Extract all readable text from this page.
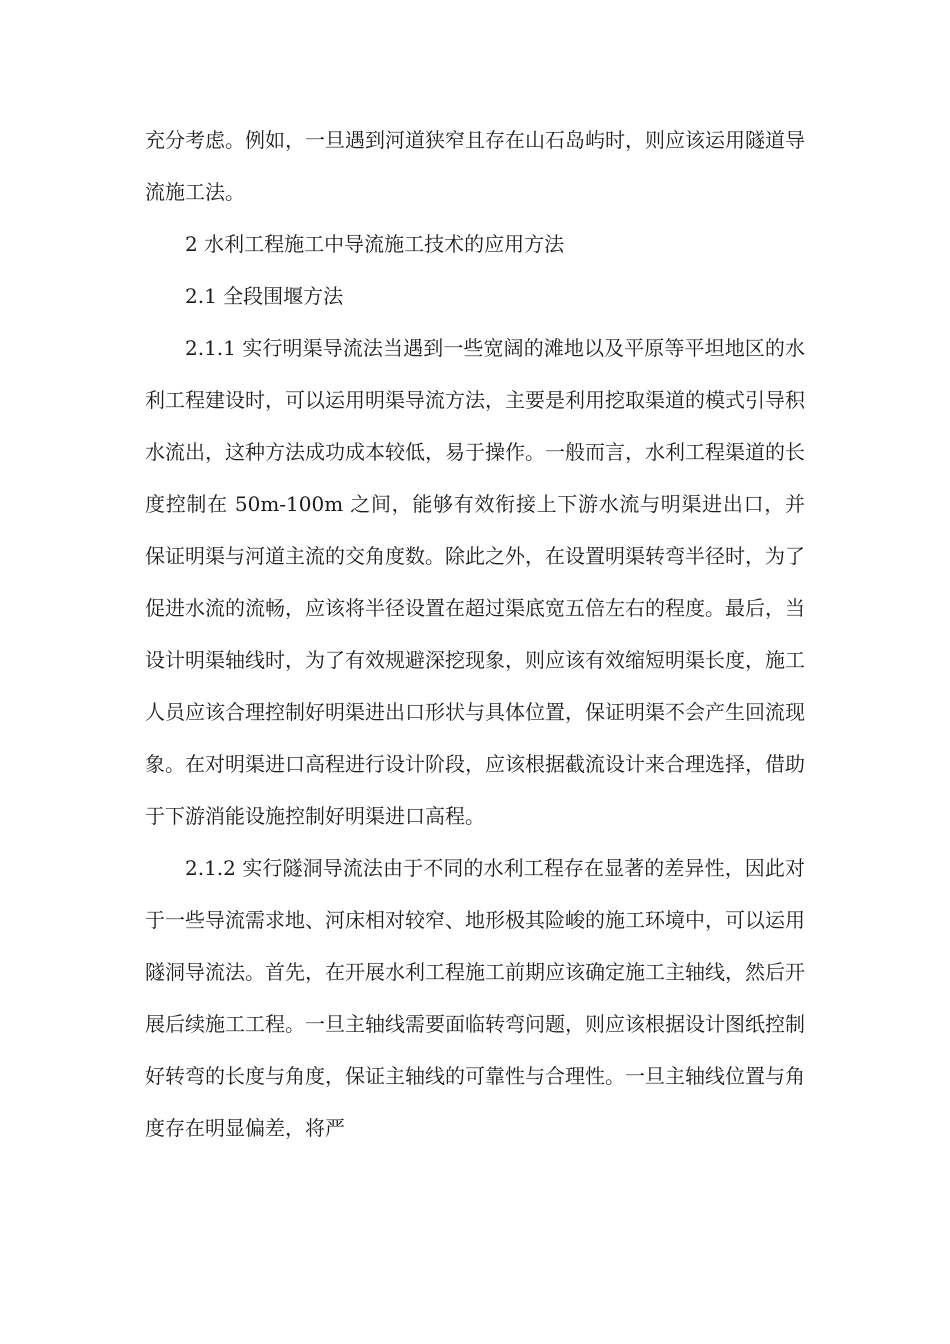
充分考虑。例如，一旦遇到河道狭窄且存在山石岛屿时，则应该运用隧道导流施工法。

2 水利工程施工中导流施工技术的应用方法

2.1 全段围堰方法

2.1.1 实行明渠导流法当遇到一些宽阔的滩地以及平原等平坦地区的水利工程建设时，可以运用明渠导流方法，主要是利用挖取渠道的模式引导积水流出，这种方法成功成本较低，易于操作。一般而言，水利工程渠道的长度控制在 50m-100m 之间，能够有效衔接上下游水流与明渠进出口，并保证明渠与河道主流的交角度数。除此之外，在设置明渠转弯半径时，为了促进水流的流畅，应该将半径设置在超过渠底宽五倍左右的程度。最后，当设计明渠轴线时，为了有效规避深挖现象，则应该有效缩短明渠长度，施工人员应该合理控制好明渠进出口形状与具体位置，保证明渠不会产生回流现象。在对明渠进口高程进行设计阶段，应该根据截流设计来合理选择，借助于下游消能设施控制好明渠进口高程。

2.1.2 实行隧洞导流法由于不同的水利工程存在显著的差异性，因此对于一些导流需求地、河床相对较窄、地形极其险峻的施工环境中，可以运用隧洞导流法。首先，在开展水利工程施工前期应该确定施工主轴线，然后开展后续施工工程。一旦主轴线需要面临转弯问题，则应该根据设计图纸控制好转弯的长度与角度，保证主轴线的可靠性与合理性。一旦主轴线位置与角度存在明显偏差，将严
